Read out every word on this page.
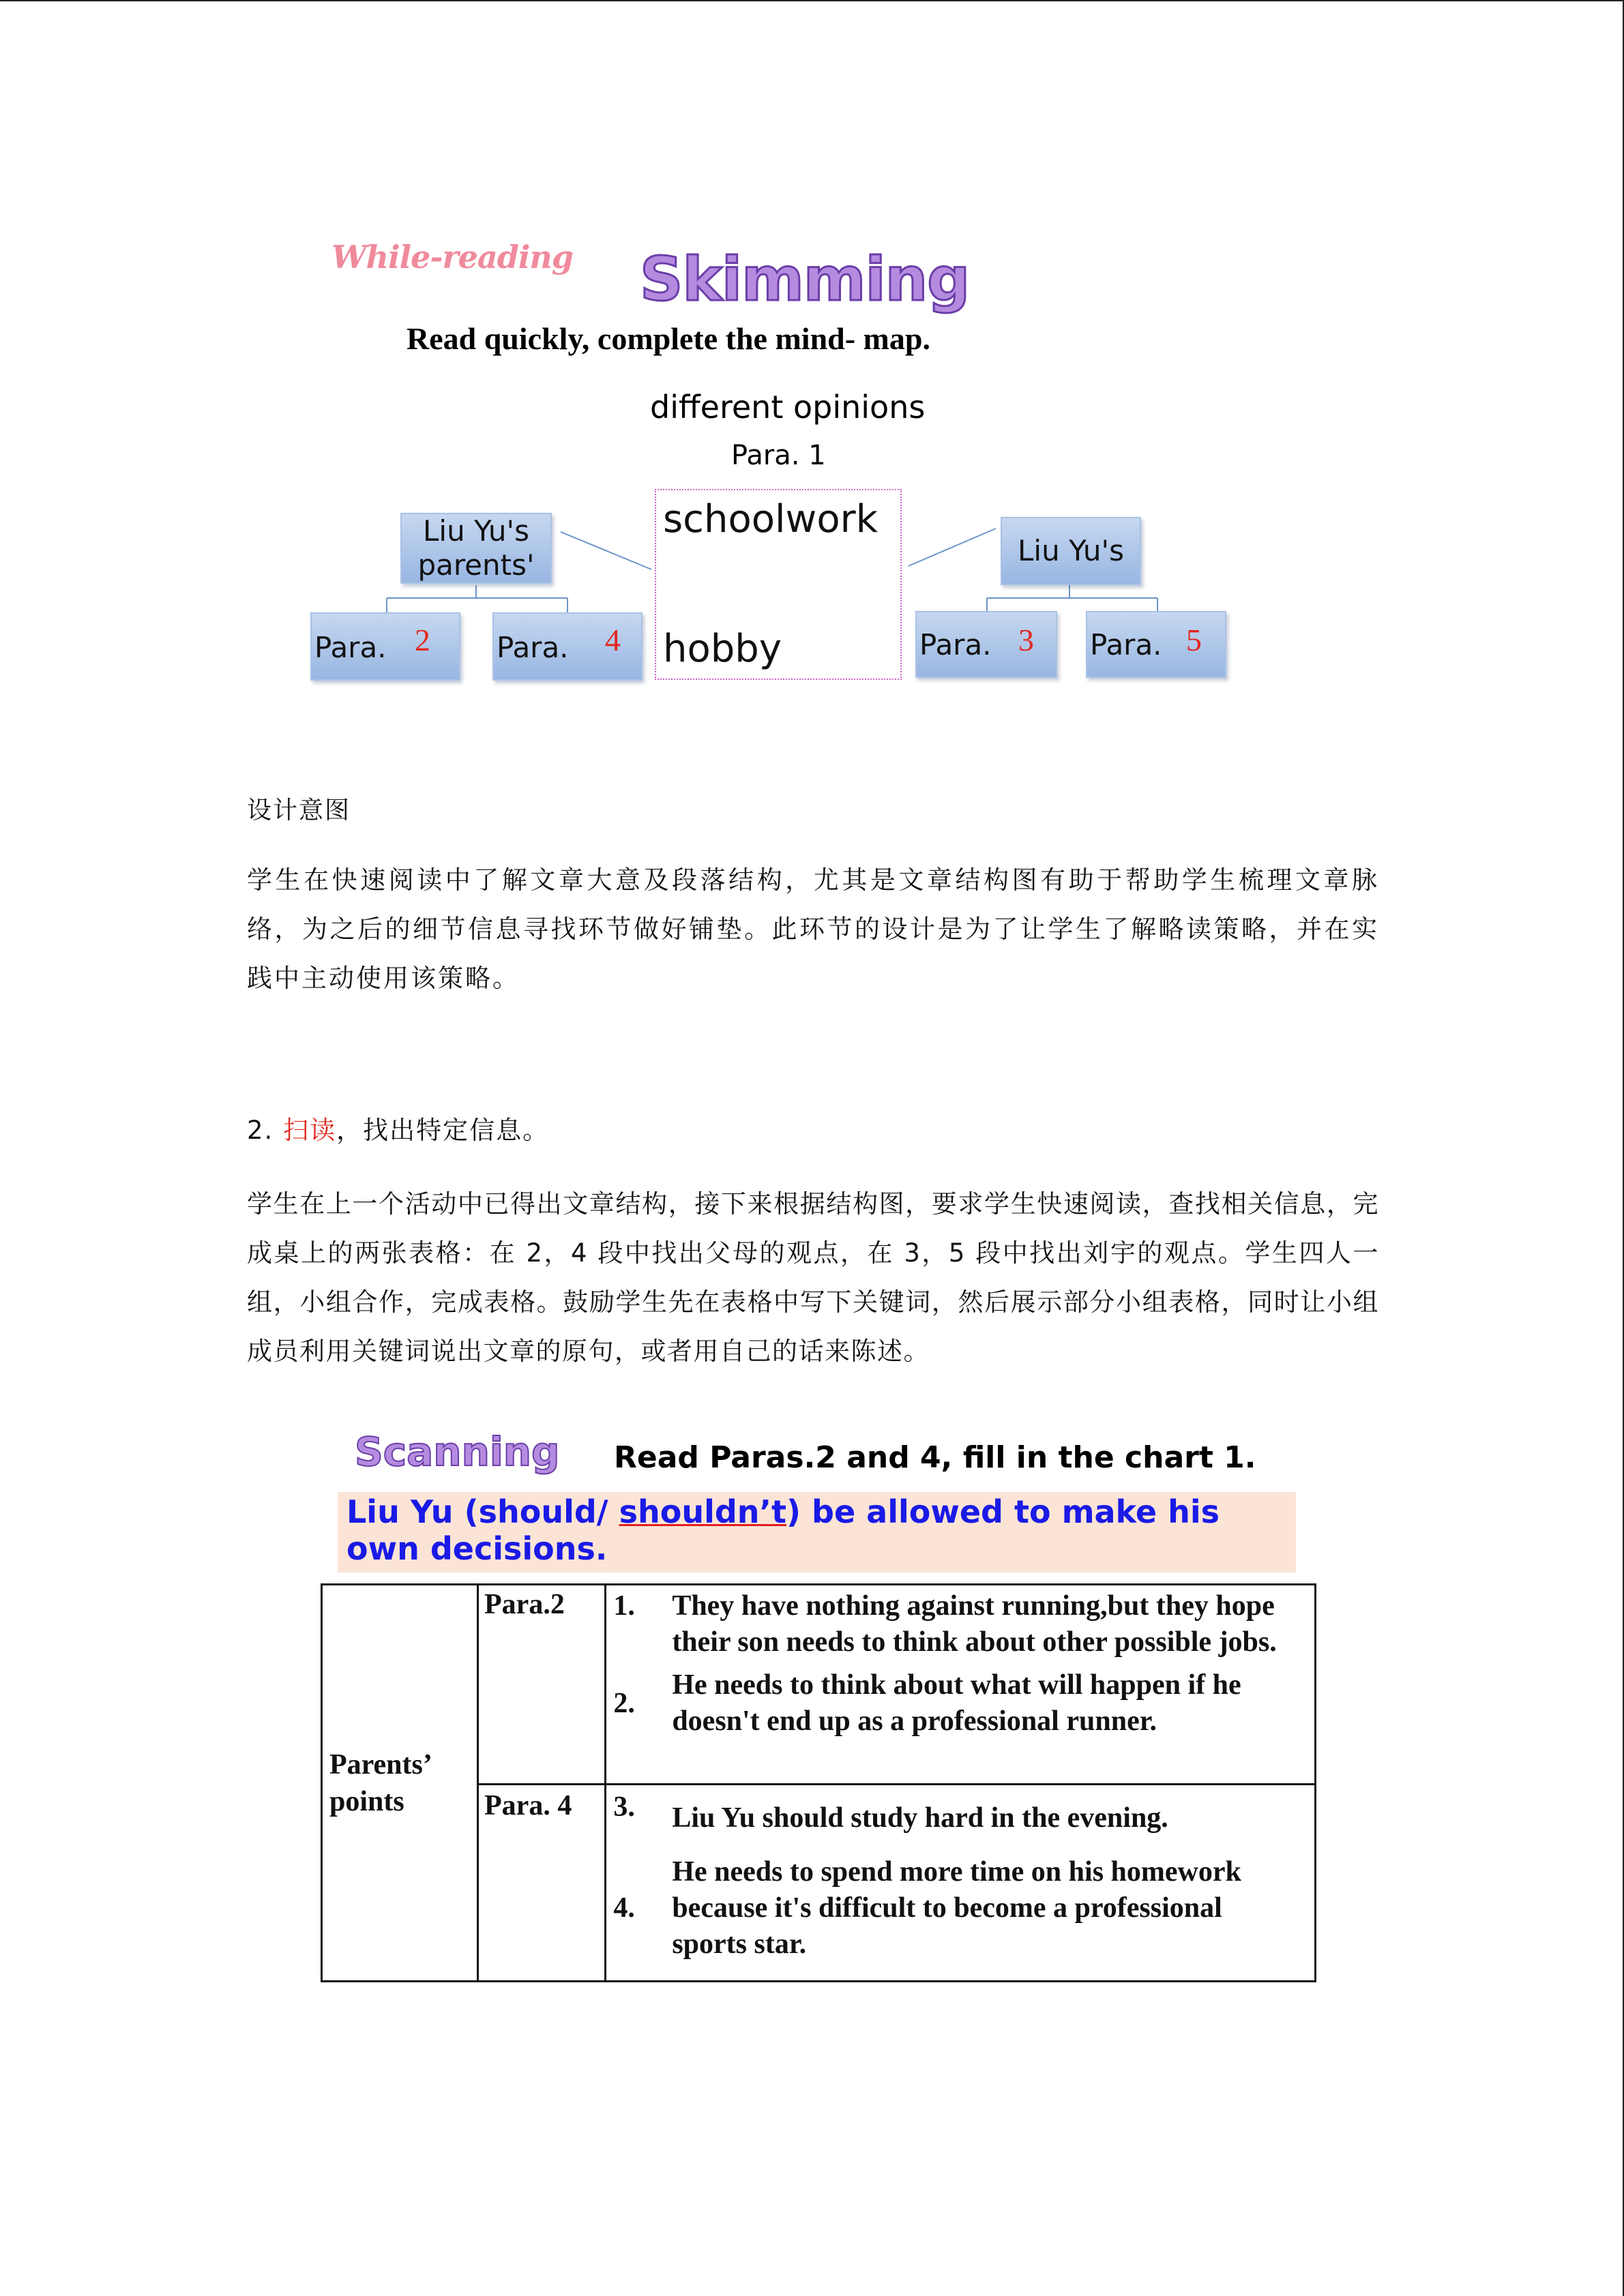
While-reading Skimming
Read quickly, complete the mind- map.
different opinions
Para. 1
Liu Yu's
parents'
Para. 2	Para. 4
schoolwork
hobby
Liu Yu's
Para. 3	Para. 5
设计意图
学生在快速阅读中了解文章大意及段落结构，尤其是文章结构图有助于帮助学生梳理文章脉络，为之后的细节信息寻找环节做好铺垫。此环节的设计是为了让学生了解略读策略，并在实践中主动使用该策略。
2. 扫读，找出特定信息。
学生在上一个活动中已得出文章结构，接下来根据结构图，要求学生快速阅读，查找相关信息，完成桌上的两张表格：在 2，4 段中找出父母的观点，在 3，5 段中找出刘宇的观点。学生四人一组，小组合作，完成表格。鼓励学生先在表格中写下关键词，然后展示部分小组表格，同时让小组成员利用关键词说出文章的原句，或者用自己的话来陈述。
Scanning Read Paras.2 and 4, fill in the chart 1.
Liu Yu (should/ shouldn’t) be allowed to make his own decisions.
Parents’ points	Para.2	1. They have nothing against running,but they hope their son needs to think about other possible jobs.
2.
He needs to think about what will happen if he doesn't end up as a professional runner.

	Para. 4	3. Liu Yu should study hard in the evening.
4.
He needs to spend more time on his homework because it's difficult to become a professional sports star.
